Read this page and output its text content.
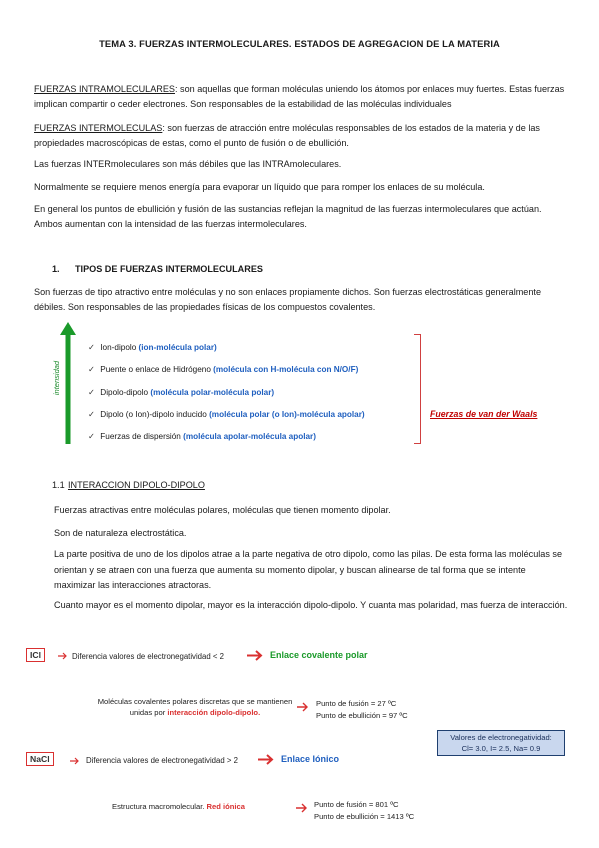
TEMA 3. FUERZAS INTERMOLECULARES. ESTADOS DE AGREGACION DE LA MATERIA
FUERZAS INTRAMOLECULARES: son aquellas que forman moléculas uniendo los átomos por enlaces muy fuertes. Estas fuerzas implican compartir o ceder electrones. Son responsables de la estabilidad de las moléculas individuales
FUERZAS INTERMOLECULAS: son fuerzas de atracción entre moléculas responsables de los estados de la materia y de las propiedades macroscópicas de estas, como el punto de fusión o de ebullición.
Las fuerzas INTERmoleculares son más débiles que las INTRAmoleculares.
Normalmente se requiere menos energía para evaporar un líquido que para romper los enlaces de su molécula.
En general los puntos de ebullición y fusión de las sustancias reflejan la magnitud de las fuerzas intermoleculares que actúan. Ambos aumentan con la intensidad de las fuerzas intermoleculares.
1. TIPOS DE FUERZAS INTERMOLECULARES
Son fuerzas de tipo atractivo entre moléculas y no son enlaces propiamente dichos. Son fuerzas electrostáticas generalmente débiles. Son responsables de las propiedades físicas de los compuestos covalentes.
intensidad
✓ Ion-dipolo (ion-molécula polar)
✓ Puente o enlace de Hidrógeno (molécula con H-molécula con N/O/F)
✓ Dipolo-dipolo (molécula polar-molécula polar)
✓ Dipolo (o Ion)-dipolo inducido (molécula polar (o Ion)-molécula apolar)
✓ Fuerzas de dispersión (molécula apolar-molécula apolar)
Fuerzas de van der Waals
1.1 INTERACCION DIPOLO-DIPOLO
Fuerzas atractivas entre moléculas polares, moléculas que tienen momento dipolar.
Son de naturaleza electrostática.
La parte positiva de uno de los dipolos atrae a la parte negativa de otro dipolo, como las pilas. De esta forma las moléculas se orientan y se atraen con una fuerza que aumenta su momento dipolar, y buscan alinearse de tal forma que se intente maximizar las interacciones atractoras.
Cuanto mayor es el momento dipolar, mayor es la interacción dipolo-dipolo. Y cuanta mas polaridad, mas fuerza de interacción.
ICl	Diferencia valores de electronegatividad < 2	Enlace covalente polar
Moléculas covalentes polares discretas que se mantienen unidas por interacción dipolo-dipolo.
Punto de fusión = 27 ºC
Punto de ebullición = 97 ºC
Valores de electronegatividad:
Cl= 3.0, I= 2.5, Na= 0.9
NaCl	Diferencia valores de electronegatividad > 2	Enlace Iónico
Estructura macromolecular. Red iónica	Punto de fusión = 801 ºC
Punto de ebullición = 1413 ºC
